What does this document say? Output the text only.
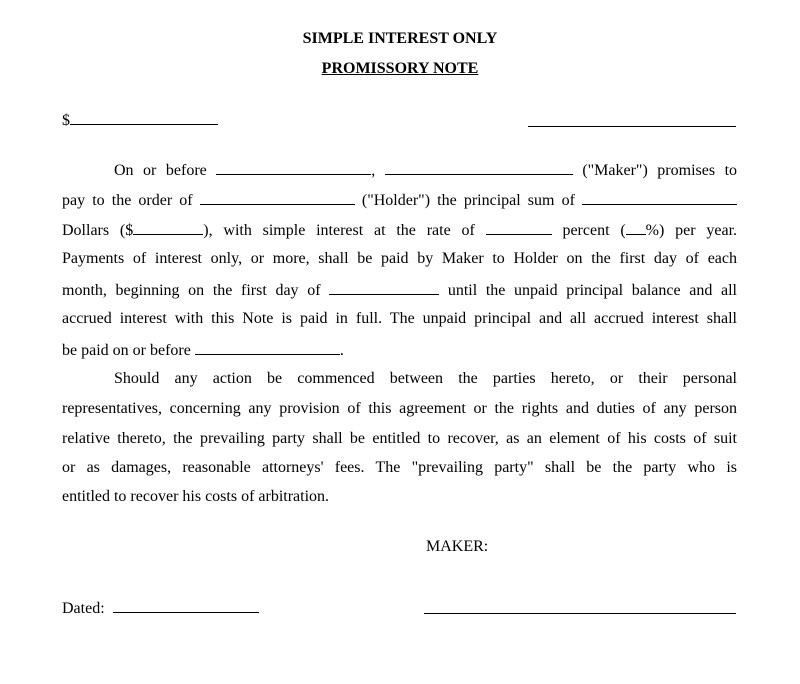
SIMPLE INTEREST ONLY
PROMISSORY NOTE
$
On or before	,	("Maker") promises to
pay to the order of	("Holder") the principal sum of
Dollars ($	), with simple interest at the rate of	percent ( %) per year.
Payments of interest only, or more, shall be paid by Maker to Holder on the first day of each
month, beginning on the first day of	until the unpaid principal balance and all
accrued interest with this Note is paid in full. The unpaid principal and all accrued interest shall
be paid on or before	.
Should any action be commenced between the parties hereto, or their personal
representatives, concerning any provision of this agreement or the rights and duties of any person
relative thereto, the prevailing party shall be entitled to recover, as an element of his costs of suit
or as damages, reasonable attorneys' fees. The "prevailing party" shall be the party who is
entitled to recover his costs of arbitration.
MAKER:
Dated:
